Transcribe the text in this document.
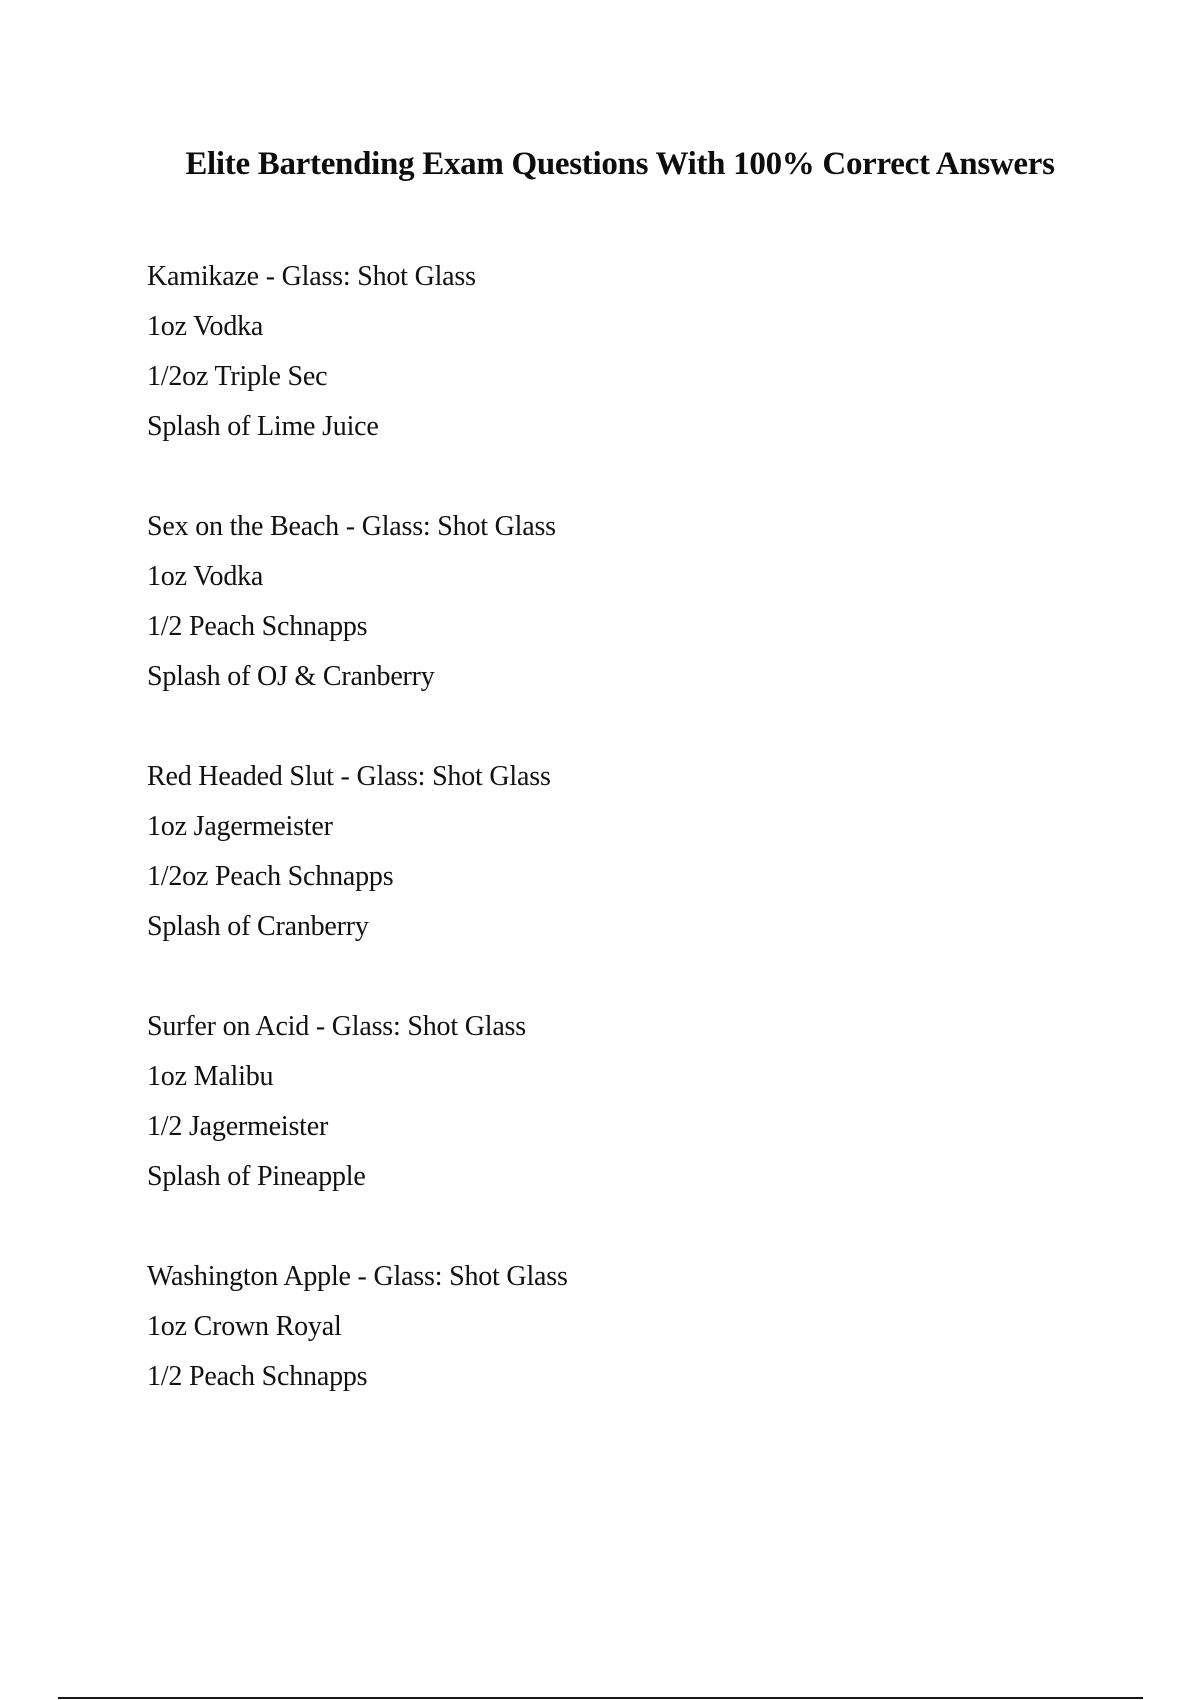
Elite Bartending Exam Questions With 100% Correct Answers

Kamikaze - Glass: Shot Glass

1oz Vodka
1/2oz Triple Sec
Splash of Lime Juice

Sex on the Beach - Glass: Shot Glass

1oz Vodka
1/2 Peach Schnapps
Splash of OJ & Cranberry

Red Headed Slut - Glass: Shot Glass

1oz Jagermeister
1/2oz Peach Schnapps
Splash of Cranberry

Surfer on Acid - Glass: Shot Glass

1oz Malibu
1/2 Jagermeister
Splash of Pineapple

Washington Apple - Glass: Shot Glass

1oz Crown Royal
1/2 Peach Schnapps
